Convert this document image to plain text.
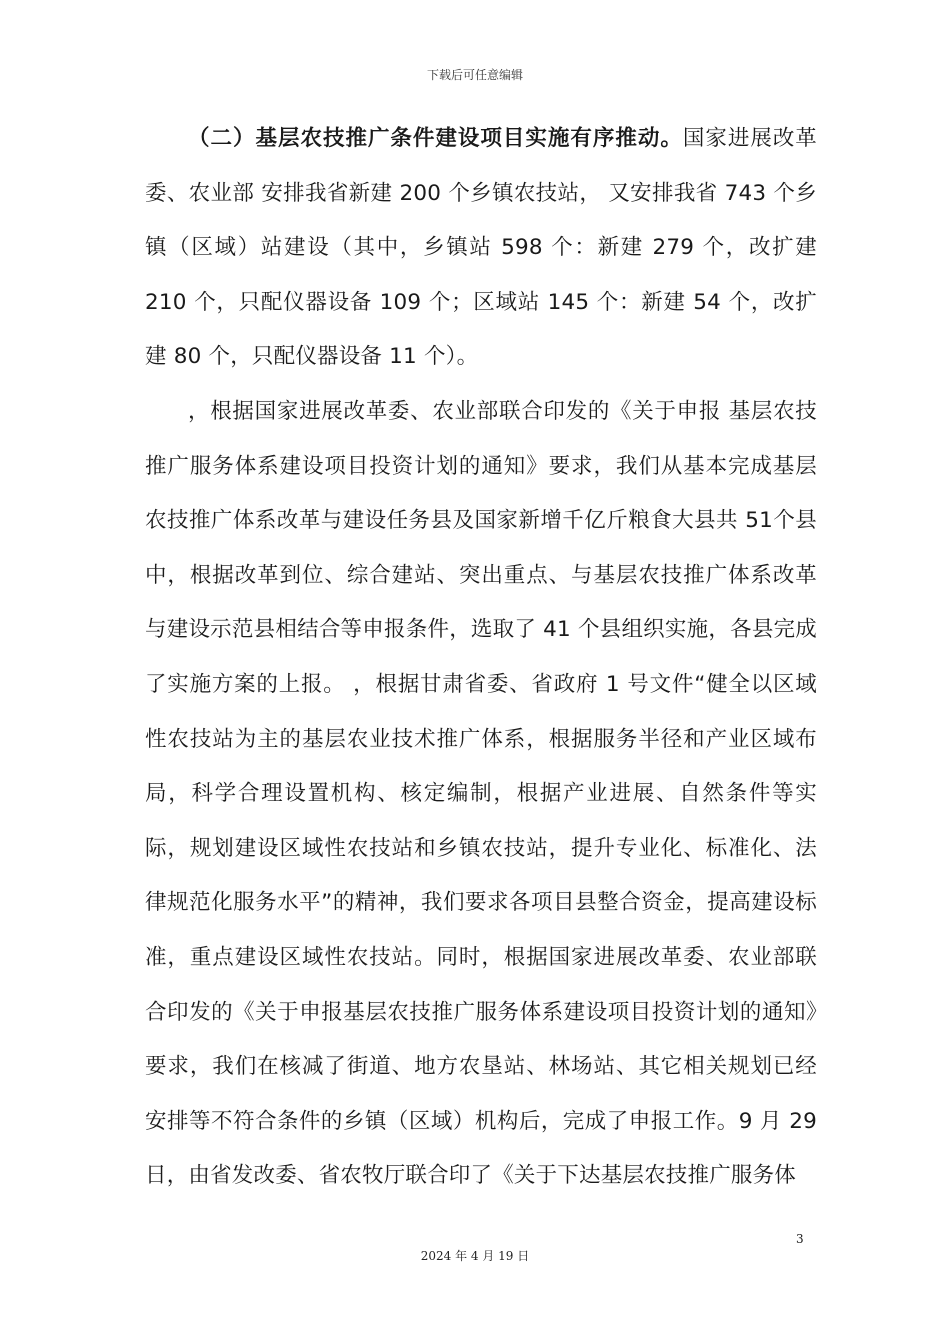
下载后可任意编辑

（二）基层农技推广条件建设项目实施有序推动。国家进展改革委、农业部 安排我省新建 200 个乡镇农技站， 又安排我省 743 个乡镇（区域）站建设（其中，乡镇站 598 个：新建 279 个，改扩建 210 个，只配仪器设备 109 个；区域站 145 个：新建 54 个，改扩建 80 个，只配仪器设备 11 个）。

，根据国家进展改革委、农业部联合印发的《关于申报 基层农技推广服务体系建设项目投资计划的通知》要求，我们从基本完成基层农技推广体系改革与建设任务县及国家新增千亿斤粮食大县共 51个县中，根据改革到位、综合建站、突出重点、与基层农技推广体系改革与建设示范县相结合等申报条件，选取了 41 个县组织实施，各县完成了实施方案的上报。 ，根据甘肃省委、省政府 1 号文件“健全以区域性农技站为主的基层农业技术推广体系，根据服务半径和产业区域布局，科学合理设置机构、核定编制，根据产业进展、自然条件等实际，规划建设区域性农技站和乡镇农技站，提升专业化、标准化、法律规范化服务水平”的精神，我们要求各项目县整合资金，提高建设标准，重点建设区域性农技站。同时，根据国家进展改革委、农业部联合印发的《关于申报基层农技推广服务体系建设项目投资计划的通知》要求，我们在核减了街道、地方农垦站、林场站、其它相关规划已经安排等不符合条件的乡镇（区域）机构后，完成了申报工作。9 月 29 日，由省发改委、省农牧厅联合印了《关于下达基层农技推广服务体

3
2024 年 4 月 19 日
